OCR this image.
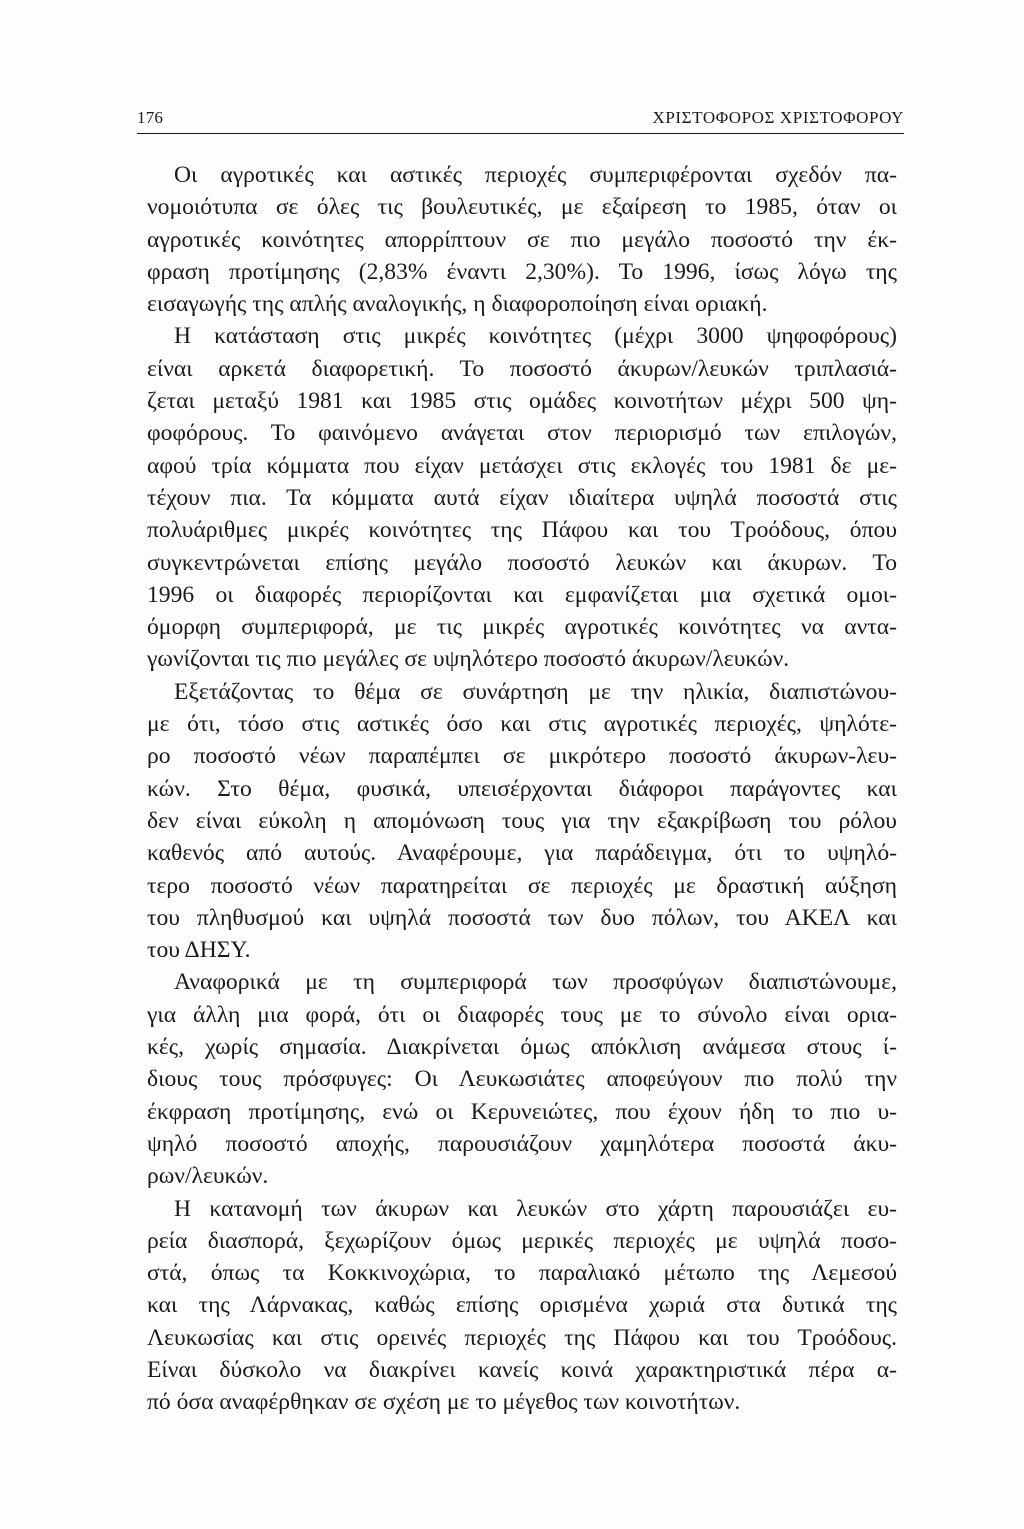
176	ΧΡΙΣΤΟΦΟΡΟΣ ΧΡΙΣΤΟΦΟΡΟΥ
Οι αγροτικές και αστικές περιοχές συμπεριφέρονται σχεδόν πα-
νομοιότυπα σε όλες τις βουλευτικές, με εξαίρεση το 1985, όταν οι
αγροτικές κοινότητες απορρίπτουν σε πιο μεγάλο ποσοστό την έκ-
φραση προτίμησης (2,83% έναντι 2,30%). Το 1996, ίσως λόγω της
εισαγωγής της απλής αναλογικής, η διαφοροποίηση είναι οριακή.
Η κατάσταση στις μικρές κοινότητες (μέχρι 3000 ψηφοφόρους)
είναι αρκετά διαφορετική. Το ποσοστό άκυρων/λευκών τριπλασιά-
ζεται μεταξύ 1981 και 1985 στις ομάδες κοινοτήτων μέχρι 500 ψη-
φοφόρους. Το φαινόμενο ανάγεται στον περιορισμό των επιλογών,
αφού τρία κόμματα που είχαν μετάσχει στις εκλογές του 1981 δε με-
τέχουν πια. Τα κόμματα αυτά είχαν ιδιαίτερα υψηλά ποσοστά στις
πολυάριθμες μικρές κοινότητες της Πάφου και του Τροόδους, όπου
συγκεντρώνεται επίσης μεγάλο ποσοστό λευκών και άκυρων. Το
1996 οι διαφορές περιορίζονται και εμφανίζεται μια σχετικά ομοι-
όμορφη συμπεριφορά, με τις μικρές αγροτικές κοινότητες να αντα-
γωνίζονται τις πιο μεγάλες σε υψηλότερο ποσοστό άκυρων/λευκών.
Εξετάζοντας το θέμα σε συνάρτηση με την ηλικία, διαπιστώνου-
με ότι, τόσο στις αστικές όσο και στις αγροτικές περιοχές, ψηλότε-
ρο ποσοστό νέων παραπέμπει σε μικρότερο ποσοστό άκυρων-λευ-
κών. Στο θέμα, φυσικά, υπεισέρχονται διάφοροι παράγοντες και
δεν είναι εύκολη η απομόνωση τους για την εξακρίβωση του ρόλου
καθενός από αυτούς. Αναφέρουμε, για παράδειγμα, ότι το υψηλό-
τερο ποσοστό νέων παρατηρείται σε περιοχές με δραστική αύξηση
του πληθυσμού και υψηλά ποσοστά των δυο πόλων, του ΑΚΕΛ και
του ΔΗΣΥ.
Αναφορικά με τη συμπεριφορά των προσφύγων διαπιστώνουμε,
για άλλη μια φορά, ότι οι διαφορές τους με το σύνολο είναι ορια-
κές, χωρίς σημασία. Διακρίνεται όμως απόκλιση ανάμεσα στους ί-
διους τους πρόσφυγες: Οι Λευκωσιάτες αποφεύγουν πιο πολύ την
έκφραση προτίμησης, ενώ οι Κερυνειώτες, που έχουν ήδη το πιο υ-
ψηλό ποσοστό αποχής, παρουσιάζουν χαμηλότερα ποσοστά άκυ-
ρων/λευκών.
Η κατανομή των άκυρων και λευκών στο χάρτη παρουσιάζει ευ-
ρεία διασπορά, ξεχωρίζουν όμως μερικές περιοχές με υψηλά ποσο-
στά, όπως τα Κοκκινοχώρια, το παραλιακό μέτωπο της Λεμεσού
και της Λάρνακας, καθώς επίσης ορισμένα χωριά στα δυτικά της
Λευκωσίας και στις ορεινές περιοχές της Πάφου και του Τροόδους.
Είναι δύσκολο να διακρίνει κανείς κοινά χαρακτηριστικά πέρα α-
πό όσα αναφέρθηκαν σε σχέση με το μέγεθος των κοινοτήτων.
